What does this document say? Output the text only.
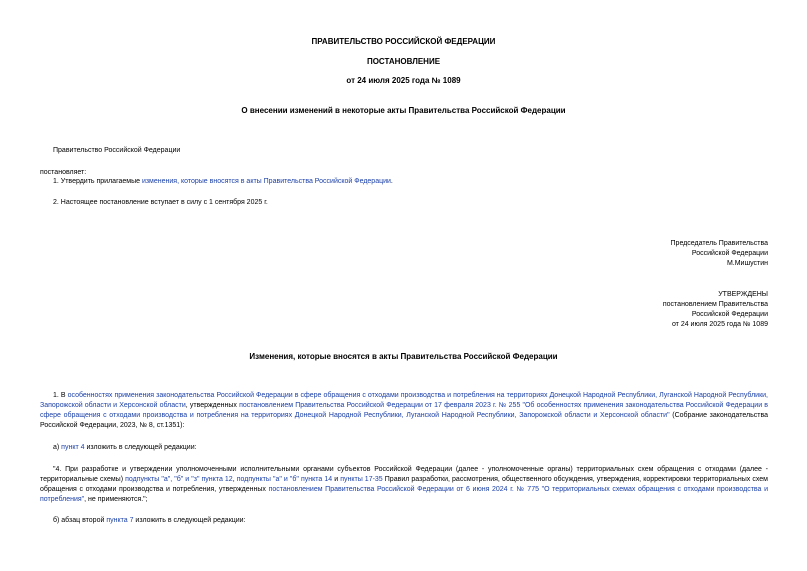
ПРАВИТЕЛЬСТВО РОССИЙСКОЙ ФЕДЕРАЦИИ
ПОСТАНОВЛЕНИЕ
от 24 июля 2025 года № 1089
О внесении изменений в некоторые акты Правительства Российской Федерации
Правительство Российской Федерации
постановляет:
1. Утвердить прилагаемые изменения, которые вносятся в акты Правительства Российской Федерации.
2. Настоящее постановление вступает в силу с 1 сентября 2025 г.
Председатель Правительства
Российской Федерации
М.Мишустин
УТВЕРЖДЕНЫ
постановлением Правительства
Российской Федерации
от 24 июля 2025 года № 1089
Изменения, которые вносятся в акты Правительства Российской Федерации
1. В особенностях применения законодательства Российской Федерации в сфере обращения с отходами производства и потребления на территориях Донецкой Народной Республики, Луганской Народной Республики, Запорожской области и Херсонской области, утвержденных постановлением Правительства Российской Федерации от 17 февраля 2023 г. № 255 "Об особенностях применения законодательства Российской Федерации в сфере обращения с отходами производства и потребления на территориях Донецкой Народной Республики, Луганской Народной Республики, Запорожской области и Херсонской области" (Собрание законодательства Российской Федерации, 2023, № 8, ст.1351):
а) пункт 4 изложить в следующей редакции:
"4. При разработке и утверждении уполномоченными исполнительными органами субъектов Российской Федерации (далее - уполномоченные органы) территориальных схем обращения с отходами (далее - территориальные схемы) подпункты "а", "б" и "з" пункта 12, подпункты "а" и "б" пункта 14 и пункты 17-35 Правил разработки, рассмотрения, общественного обсуждения, утверждения, корректировки территориальных схем обращения с отходами производства и потребления, утвержденных постановлением Правительства Российской Федерации от 6 июня 2024 г. № 775 "О территориальных схемах обращения с отходами производства и потребления", не применяются.";
б) абзац второй пункта 7 изложить в следующей редакции:
